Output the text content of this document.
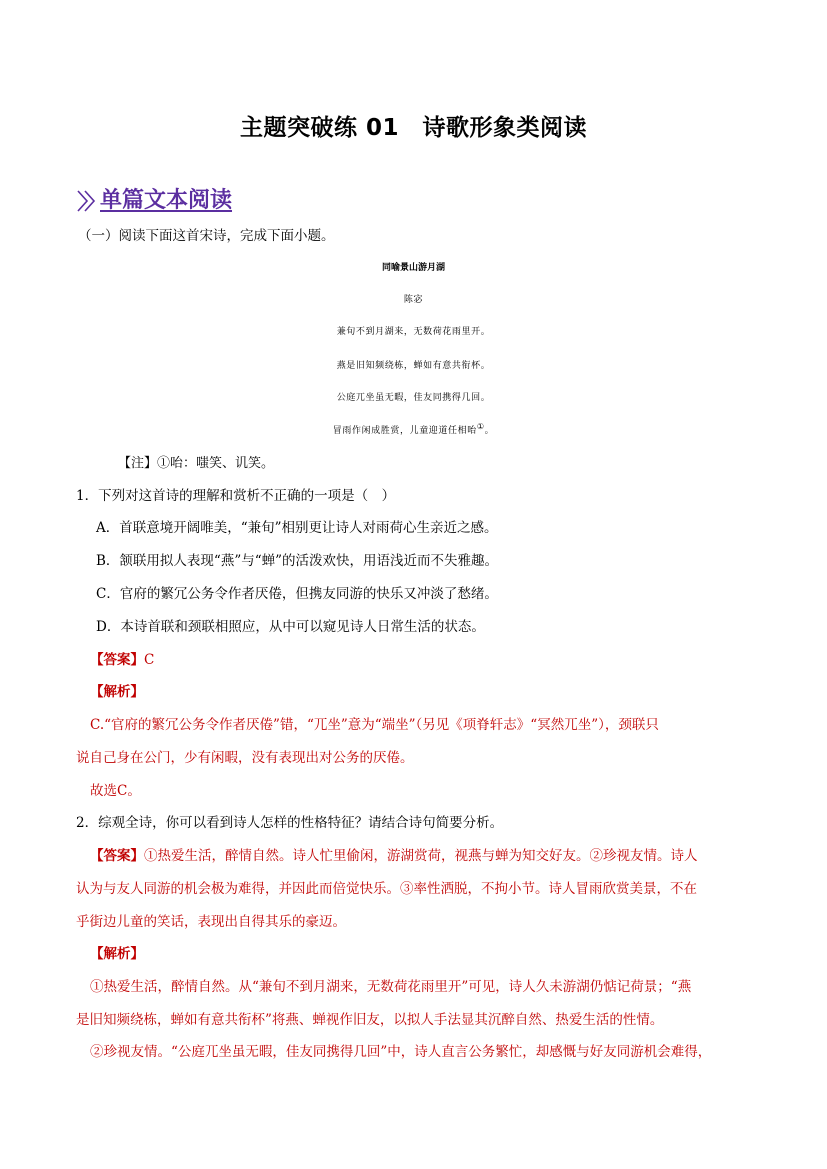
主题突破练 01　诗歌形象类阅读
单篇文本阅读
（一）阅读下面这首宋诗，完成下面小题。
同喻景山游月湖
陈宓
兼旬不到月湖来，无数荷花雨里开。
燕是旧知频绕栋，蝉如有意共衔杯。
公庭兀坐虽无暇，佳友同携得几回。
冒雨作闲成胜赏，儿童迎道任相咍①。
【注】①咍：嗤笑、讥笑。
1．下列对这首诗的理解和赏析不正确的一项是（　）
A．首联意境开阔唯美，“兼旬”相别更让诗人对雨荷心生亲近之感。
B．颔联用拟人表现“燕”与“蝉”的活泼欢快，用语浅近而不失雅趣。
C．官府的繁冗公务令作者厌倦，但携友同游的快乐又冲淡了愁绪。
D．本诗首联和颈联相照应，从中可以窥见诗人日常生活的状态。
【答案】C
【解析】
C.“官府的繁冗公务令作者厌倦”错，“兀坐”意为“端坐”（另见《项脊轩志》“冥然兀坐”），颈联只
说自己身在公门，少有闲暇，没有表现出对公务的厌倦。
故选C。
2．综观全诗，你可以看到诗人怎样的性格特征？请结合诗句简要分析。
【答案】①热爱生活，醉情自然。诗人忙里偷闲，游湖赏荷，视燕与蝉为知交好友。②珍视友情。诗人
认为与友人同游的机会极为难得，并因此而倍觉快乐。③率性洒脱，不拘小节。诗人冒雨欣赏美景，不在
乎街边儿童的笑话，表现出自得其乐的豪迈。
【解析】
①热爱生活，醉情自然。从“兼旬不到月湖来，无数荷花雨里开”可见，诗人久未游湖仍惦记荷景；“燕
是旧知频绕栋，蝉如有意共衔杯”将燕、蝉视作旧友，以拟人手法显其沉醉自然、热爱生活的性情。
②珍视友情。“公庭兀坐虽无暇，佳友同携得几回”中，诗人直言公务繁忙，却感慨与好友同游机会难得，
